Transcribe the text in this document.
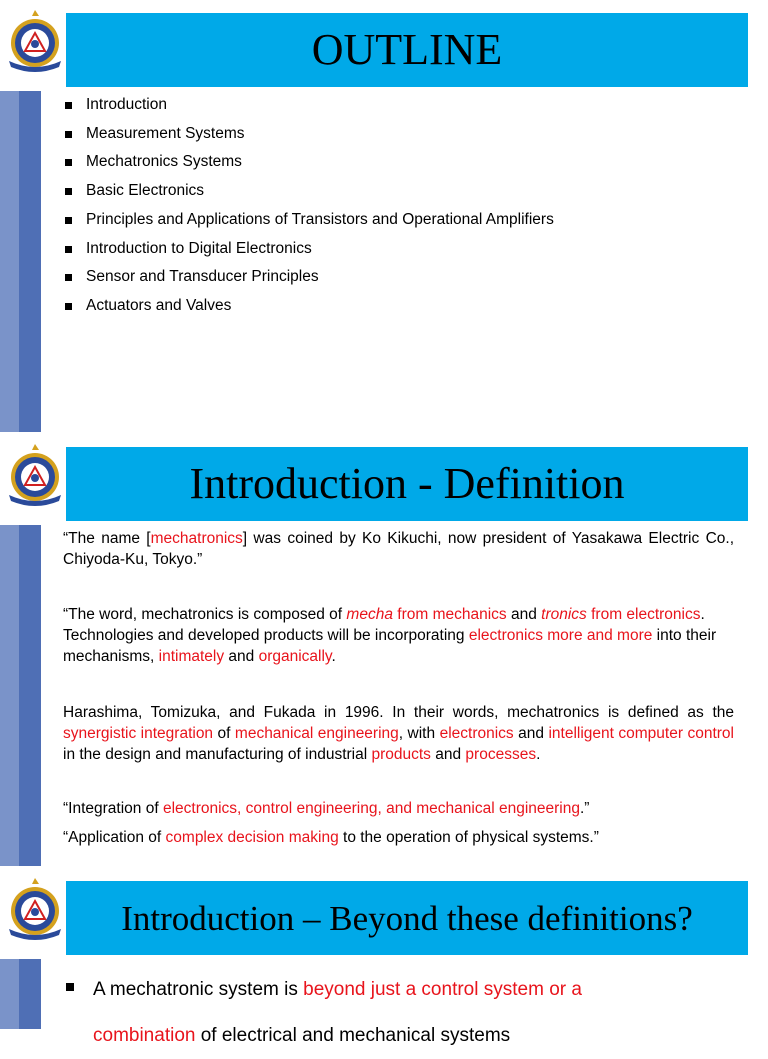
OUTLINE
Introduction
Measurement Systems
Mechatronics Systems
Basic Electronics
Principles and Applications of Transistors and Operational Amplifiers
Introduction to Digital Electronics
Sensor and Transducer Principles
Actuators and Valves
Introduction - Definition

“The name [mechatronics] was coined by Ko Kikuchi, now president of Yasakawa Electric Co., Chiyoda-Ku, Tokyo.”

“The word, mechatronics is composed of mecha from mechanics and tronics from electronics. Technologies and developed products will be incorporating electronics more and more into their mechanisms, intimately and organically.

Harashima, Tomizuka, and Fukada in 1996. In their words, mechatronics is defined as the synergistic integration of mechanical engineering, with electronics and intelligent computer control in the design and manufacturing of industrial products and processes.

“Integration of electronics, control engineering, and mechanical engineering.”

“Application of complex decision making to the operation of physical systems.”

Introduction – Beyond these definitions?
A mechatronic system is beyond just a control system or a
combination of electrical and mechanical systems
